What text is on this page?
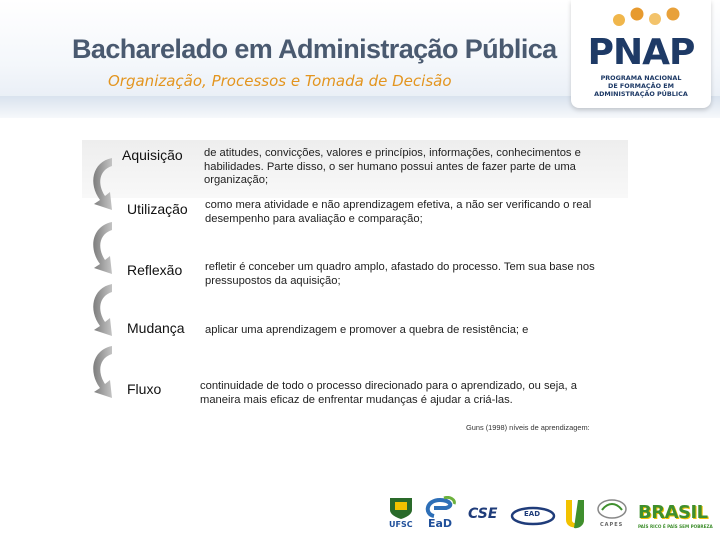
Bacharelado em Administração Pública
Organização, Processos e Tomada de Decisão
PNAP
PROGRAMA NACIONAL
DE FORMAÇÃO EM
ADMINISTRAÇÃO PÚBLICA
Aquisição de atitudes, convicções, valores e princípios, informações, conhecimentos e habilidades. Parte disso, o ser humano possui antes de fazer parte de uma organização;
Utilização como mera atividade e não aprendizagem efetiva, a não ser verificando o real desempenho para avaliação e comparação;
Reflexão refletir é conceber um quadro amplo, afastado do processo. Tem sua base nos pressupostos da aquisição;
Mudança aplicar uma aprendizagem e promover a quebra de resistência; e
Fluxo	continuidade de todo o processo direcionado para o aprendizado, ou seja, a maneira mais eficaz de enfrentar mudanças é ajudar a criá-las.
Guns (1998) níveis de aprendizagem:
UFSC EaD
CSE	EAD
CAPES
BRASIL
PAÍS RICO É PAÍS SEM POBREZA
